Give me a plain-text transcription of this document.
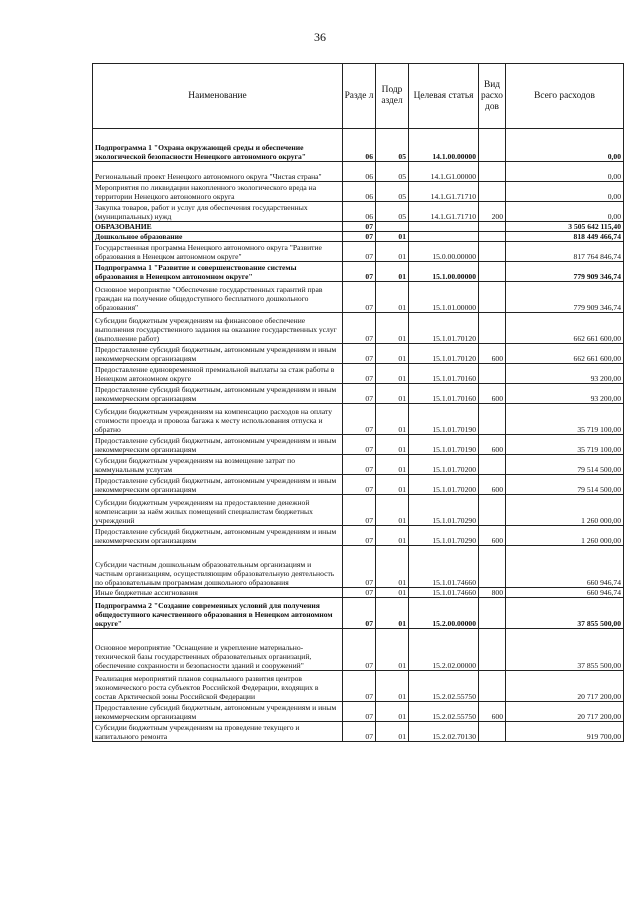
36
Наименование	Разде л	Подр аздел	Целевая статья	Вид расхо дов	Всего расходов
Подпрограмма 1 "Охрана окружающей среды и обеспечение экологической безопасности Ненецкого автономного округа"	06	05	14.1.00.00000		0,00
Региональный проект Ненецкого автономного округа "Чистая страна"	06	05	14.1.G1.00000		0,00
Мероприятия по ликвидации накопленного экологического вреда на территории Ненецкого автономного округа	06	05	14.1.G1.71710		0,00
Закупка товаров, работ и услуг для обеспечения государственных (муниципальных) нужд	06	05	14.1.G1.71710	200	0,00
ОБРАЗОВАНИЕ	07				3 505 642 115,40
Дошкольное образование	07	01			818 449 466,74
Государственная программа Ненецкого автономного округа "Развитие образования в Ненецком автономном округе"	07	01	15.0.00.00000		817 764 846,74
Подпрограмма 1 "Развитие и совершенствование системы образования в Ненецком автономном округе"	07	01	15.1.00.00000		779 909 346,74
Основное мероприятие "Обеспечение государственных гарантий прав граждан на получение общедоступного бесплатного дошкольного образования"	07	01	15.1.01.00000		779 909 346,74
Субсидии бюджетным учреждениям на финансовое обеспечение выполнения государственного задания на оказание государственных услуг (выполнение работ)	07	01	15.1.01.70120		662 661 600,00
Предоставление субсидий бюджетным, автономным учреждениям и иным некоммерческим организациям	07	01	15.1.01.70120	600	662 661 600,00
Предоставление единовременной премиальной выплаты за стаж работы в Ненецком автономном округе	07	01	15.1.01.70160		93 200,00
Предоставление субсидий бюджетным, автономным учреждениям и иным некоммерческим организациям	07	01	15.1.01.70160	600	93 200,00
Субсидии бюджетным учреждениям на компенсацию расходов на оплату стоимости проезда и провоза багажа к месту использования отпуска и обратно	07	01	15.1.01.70190		35 719 100,00
Предоставление субсидий бюджетным, автономным учреждениям и иным некоммерческим организациям	07	01	15.1.01.70190	600	35 719 100,00
Субсидии бюджетным учреждениям на возмещение затрат по коммунальным услугам	07	01	15.1.01.70200		79 514 500,00
Предоставление субсидий бюджетным, автономным учреждениям и иным некоммерческим организациям	07	01	15.1.01.70200	600	79 514 500,00
Субсидии бюджетным учреждениям на предоставление денежной компенсации за наём жилых помещений специалистам бюджетных учреждений	07	01	15.1.01.70290		1 260 000,00
Предоставление субсидий бюджетным, автономным учреждениям и иным некоммерческим организациям	07	01	15.1.01.70290	600	1 260 000,00
Субсидии частным дошкольным образовательным организациям и частным организациям, осуществляющим образовательную деятельность по образовательным программам дошкольного образования	07	01	15.1.01.74660		660 946,74
Иные бюджетные ассигнования	07	01	15.1.01.74660	800	660 946,74
Подпрограмма 2 "Создание современных условий для получения общедоступного качественного образования в Ненецком автономном округе"	07	01	15.2.00.00000		37 855 500,00
Основное мероприятие "Оснащение и укрепление материально-технической базы государственных образовательных организаций, обеспечение сохранности и безопасности зданий и сооружений"	07	01	15.2.02.00000		37 855 500,00
Реализация мероприятий планов социального развития центров экономического роста субъектов Российской Федерации, входящих в состав Арктической зоны Российской Федерации	07	01	15.2.02.55750		20 717 200,00
Предоставление субсидий бюджетным, автономным учреждениям и иным некоммерческим организациям	07	01	15.2.02.55750	600	20 717 200,00
Субсидии бюджетным учреждениям на проведение текущего и капитального ремонта	07	01	15.2.02.70130		919 700,00
